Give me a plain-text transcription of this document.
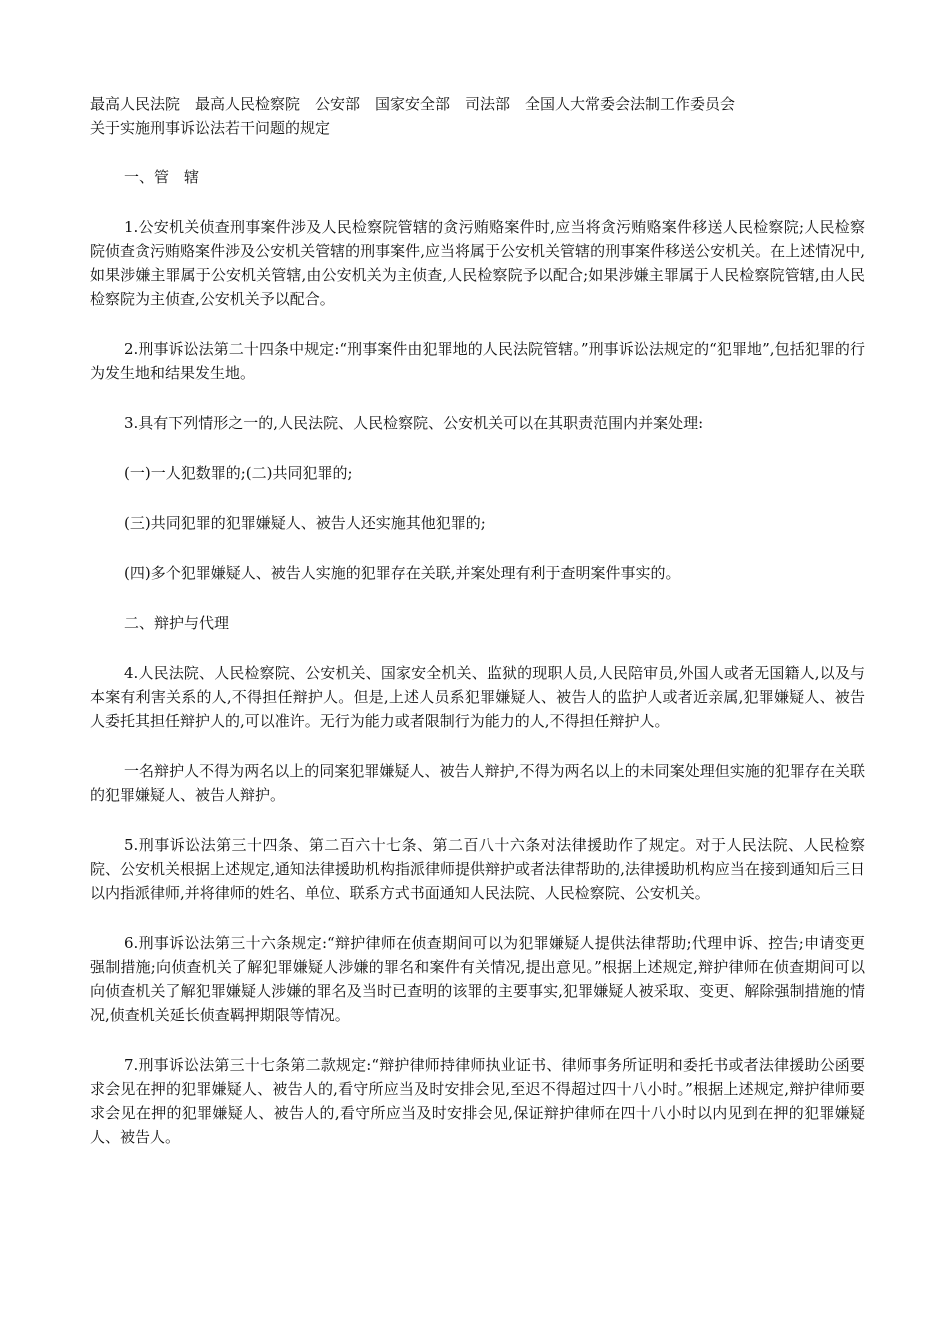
最高人民法院　最高人民检察院　公安部　国家安全部　司法部　全国人大常委会法制工作委员会

关于实施刑事诉讼法若干问题的规定

一、管　辖

1.公安机关侦查刑事案件涉及人民检察院管辖的贪污贿赂案件时,应当将贪污贿赂案件移送人民检察院;人民检察院侦查贪污贿赂案件涉及公安机关管辖的刑事案件,应当将属于公安机关管辖的刑事案件移送公安机关。在上述情况中,如果涉嫌主罪属于公安机关管辖,由公安机关为主侦查,人民检察院予以配合;如果涉嫌主罪属于人民检察院管辖,由人民检察院为主侦查,公安机关予以配合。

2.刑事诉讼法第二十四条中规定:“刑事案件由犯罪地的人民法院管辖。”刑事诉讼法规定的“犯罪地”,包括犯罪的行为发生地和结果发生地。

3.具有下列情形之一的,人民法院、人民检察院、公安机关可以在其职责范围内并案处理:

(一)一人犯数罪的;(二)共同犯罪的;

(三)共同犯罪的犯罪嫌疑人、被告人还实施其他犯罪的;

(四)多个犯罪嫌疑人、被告人实施的犯罪存在关联,并案处理有利于查明案件事实的。

二、辩护与代理

4.人民法院、人民检察院、公安机关、国家安全机关、监狱的现职人员,人民陪审员,外国人或者无国籍人,以及与本案有利害关系的人,不得担任辩护人。但是,上述人员系犯罪嫌疑人、被告人的监护人或者近亲属,犯罪嫌疑人、被告人委托其担任辩护人的,可以准许。无行为能力或者限制行为能力的人,不得担任辩护人。

一名辩护人不得为两名以上的同案犯罪嫌疑人、被告人辩护,不得为两名以上的未同案处理但实施的犯罪存在关联的犯罪嫌疑人、被告人辩护。

5.刑事诉讼法第三十四条、第二百六十七条、第二百八十六条对法律援助作了规定。对于人民法院、人民检察院、公安机关根据上述规定,通知法律援助机构指派律师提供辩护或者法律帮助的,法律援助机构应当在接到通知后三日以内指派律师,并将律师的姓名、单位、联系方式书面通知人民法院、人民检察院、公安机关。

6.刑事诉讼法第三十六条规定:“辩护律师在侦查期间可以为犯罪嫌疑人提供法律帮助;代理申诉、控告;申请变更强制措施;向侦查机关了解犯罪嫌疑人涉嫌的罪名和案件有关情况,提出意见。”根据上述规定,辩护律师在侦查期间可以向侦查机关了解犯罪嫌疑人涉嫌的罪名及当时已查明的该罪的主要事实,犯罪嫌疑人被采取、变更、解除强制措施的情况,侦查机关延长侦查羁押期限等情况。

7.刑事诉讼法第三十七条第二款规定:“辩护律师持律师执业证书、律师事务所证明和委托书或者法律援助公函要求会见在押的犯罪嫌疑人、被告人的,看守所应当及时安排会见,至迟不得超过四十八小时。”根据上述规定,辩护律师要求会见在押的犯罪嫌疑人、被告人的,看守所应当及时安排会见,保证辩护律师在四十八小时以内见到在押的犯罪嫌疑人、被告人。
